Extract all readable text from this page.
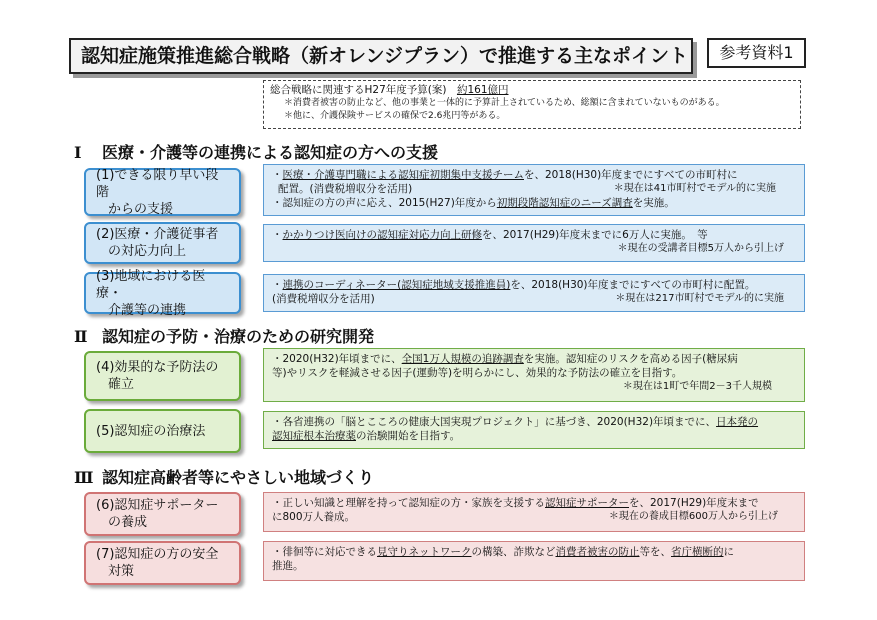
認知症施策推進総合戦略（新オレンジプラン）で推進する主なポイント	参考資料1
総合戦略に関連するH27年度予算(案)　 約161億円
＊消費者被害の防止など、他の事業と一体的に予算計上されているため、総額に含まれていないものがある。
＊他に、介護保険サービスの確保で2.6兆円等がある。
Ⅰ 医療・介護等の連携による認知症の方への支援
(1)できる限り早い段階
からの支援
・医療・介護専門職による認知症初期集中支援チームを、2018(H30)年度までにすべての市町村に
配置。(消費税増収分を活用)	＊現在は41市町村でモデル的に実施
・認知症の方の声に応え、2015(H27)年度から初期段階認知症のニーズ調査を実施。
(2)医療・介護従事者
の対応力向上
・かかりつけ医向けの認知症対応力向上研修を、2017(H29)年度末までに6万人に実施。　等
＊現在の受講者目標5万人から引上げ
(3)地域における医療・
介護等の連携
・連携のコーディネーター(認知症地域支援推進員)を、2018(H30)年度までにすべての市町村に配置。
(消費税増収分を活用)	＊現在は217市町村でモデル的に実施
Ⅱ 認知症の予防・治療のための研究開発
(4)効果的な予防法の
確立
・2020(H32)年頃までに、全国1万人規模の追跡調査を実施。認知症のリスクを高める因子(糖尿病
等)やリスクを軽減させる因子(運動等)を明らかにし、効果的な予防法の確立を目指す。
＊現在は1町で年間2－3千人規模
(5)認知症の治療法
・各省連携の「脳とこころの健康大国実現プロジェクト」に基づき、2020(H32)年頃までに、日本発の
認知症根本治療薬の治験開始を目指す。
Ⅲ 認知症高齢者等にやさしい地域づくり
(6)認知症サポーター
の養成
・正しい知識と理解を持って認知症の方・家族を支援する認知症サポーターを、2017(H29)年度末まで
に800万人養成。	＊現在の養成目標600万人から引上げ
(7)認知症の方の安全
対策
・徘徊等に対応できる見守りネットワークの構築、詐欺など消費者被害の防止等を、省庁横断的に
推進。
